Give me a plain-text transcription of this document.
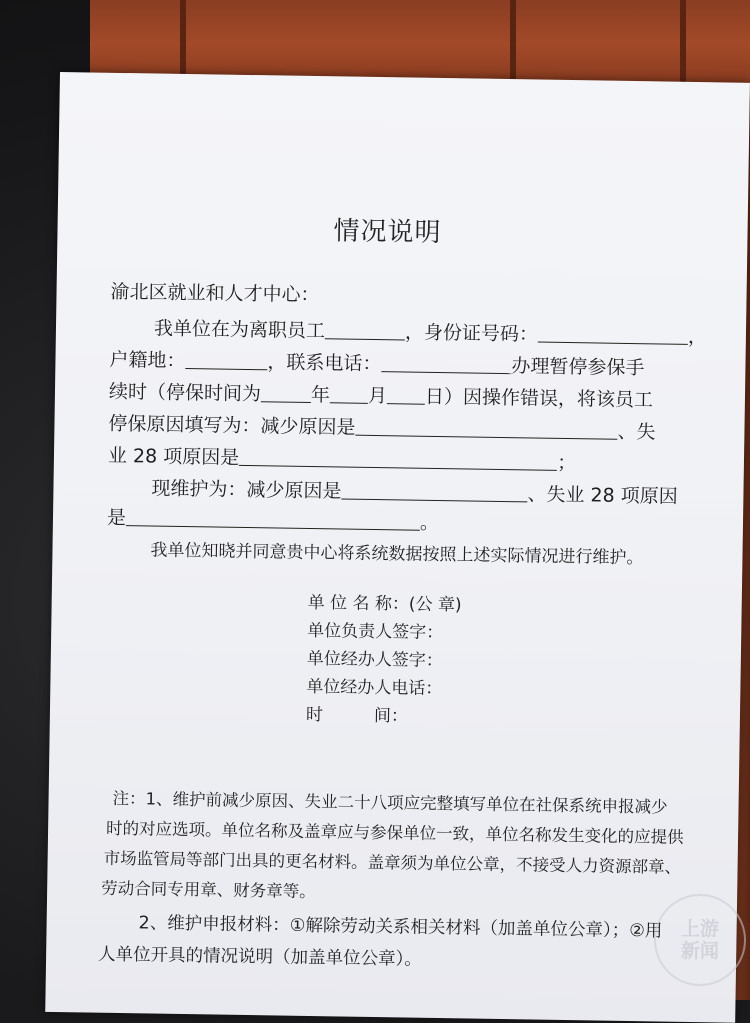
情况说明
渝北区就业和人才中心：
我单位在为离职员工	，身份证号码：	，
户籍地：	，联系电话：	办理暂停参保手
续时（停保时间为	年 月 日）因操作错误，将该员工
停保原因填写为：减少原因是	、失
业 28 项原因是	；
现维护为：减少原因是	、失业 28 项原因
是	。
我单位知晓并同意贵中心将系统数据按照上述实际情况进行维护。
单 位 名 称：(公 章)
单位负责人签字：
单位经办人签字：
单位经办人电话：
时　　　间：
注：1、维护前减少原因、失业二十八项应完整填写单位在社保系统申报减少
时的对应选项。单位名称及盖章应与参保单位一致，单位名称发生变化的应提供
市场监管局等部门出具的更名材料。盖章须为单位公章，不接受人力资源部章、
劳动合同专用章、财务章等。
2、维护申报材料：①解除劳动关系相关材料（加盖单位公章）；②用
人单位开具的情况说明（加盖单位公章）。
上游
新闻
